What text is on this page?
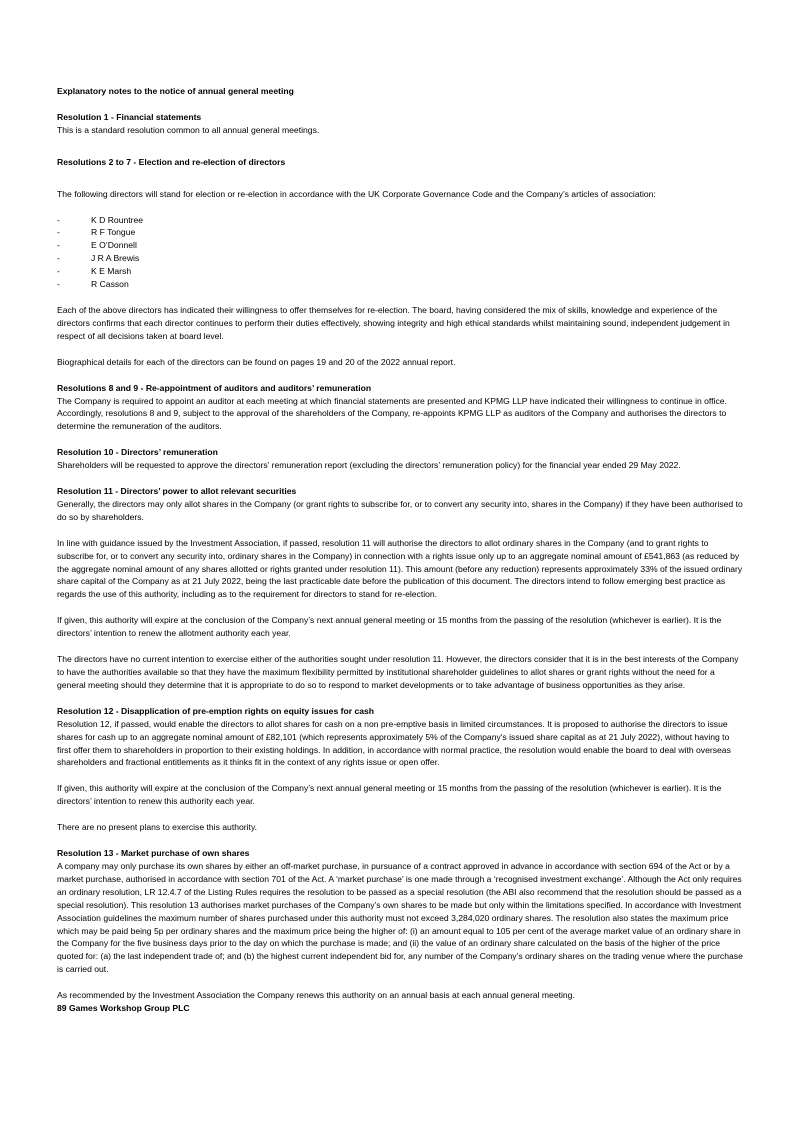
Explanatory notes to the notice of annual general meeting

Resolution 1 - Financial statements

This is a standard resolution common to all annual general meetings.

Resolutions 2 to 7 - Election and re-election of directors

The following directors will stand for election or re-election in accordance with the UK Corporate Governance Code and the Company’s articles of association:

-	K D Rountree
-	R F Tongue
-	E O’Donnell
-	J R A Brewis
-	K E Marsh
-	R Casson

Each of the above directors has indicated their willingness to offer themselves for re-election. The board, having considered the mix of skills, knowledge and experience of the directors confirms that each director continues to perform their duties effectively, showing integrity and high ethical standards whilst maintaining sound, independent judgement in respect of all decisions taken at board level.

Biographical details for each of the directors can be found on pages 19 and 20 of the 2022 annual report.

Resolutions 8 and 9 - Re-appointment of auditors and auditors’ remuneration

The Company is required to appoint an auditor at each meeting at which financial statements are presented and KPMG LLP have indicated their willingness to continue in office. Accordingly, resolutions 8 and 9, subject to the approval of the shareholders of the Company, re-appoints KPMG LLP as auditors of the Company and authorises the directors to determine the remuneration of the auditors.

Resolution 10 - Directors’ remuneration

Shareholders will be requested to approve the directors’ remuneration report (excluding the directors’ remuneration policy) for the financial year ended 29 May 2022.

Resolution 11 - Directors’ power to allot relevant securities

Generally, the directors may only allot shares in the Company (or grant rights to subscribe for, or to convert any security into, shares in the Company) if they have been authorised to do so by shareholders.

In line with guidance issued by the Investment Association, if passed, resolution 11 will authorise the directors to allot ordinary shares in the Company (and to grant rights to subscribe for, or to convert any security into, ordinary shares in the Company) in connection with a rights issue only up to an aggregate nominal amount of £541,863 (as reduced by the aggregate nominal amount of any shares allotted or rights granted under resolution 11). This amount (before any reduction) represents approximately 33% of the issued ordinary share capital of the Company as at 21 July 2022, being the last practicable date before the publication of this document. The directors intend to follow emerging best practice as regards the use of this authority, including as to the requirement for directors to stand for re-election.

If given, this authority will expire at the conclusion of the Company’s next annual general meeting or 15 months from the passing of the resolution (whichever is earlier). It is the directors’ intention to renew the allotment authority each year.

The directors have no current intention to exercise either of the authorities sought under resolution 11. However, the directors consider that it is in the best interests of the Company to have the authorities available so that they have the maximum flexibility permitted by institutional shareholder guidelines to allot shares or grant rights without the need for a general meeting should they determine that it is appropriate to do so to respond to market developments or to take advantage of business opportunities as they arise.

Resolution 12 - Disapplication of pre-emption rights on equity issues for cash

Resolution 12, if passed, would enable the directors to allot shares for cash on a non pre-emptive basis in limited circumstances. It is proposed to authorise the directors to issue shares for cash up to an aggregate nominal amount of £82,101 (which represents approximately 5% of the Company's issued share capital as at 21 July 2022), without having to first offer them to shareholders in proportion to their existing holdings. In addition, in accordance with normal practice, the resolution would enable the board to deal with overseas shareholders and fractional entitlements as it thinks fit in the context of any rights issue or open offer.

If given, this authority will expire at the conclusion of the Company’s next annual general meeting or 15 months from the passing of the resolution (whichever is earlier). It is the directors’ intention to renew this authority each year.

There are no present plans to exercise this authority.

Resolution 13 - Market purchase of own shares

A company may only purchase its own shares by either an off-market purchase, in pursuance of a contract approved in advance in accordance with section 694 of the Act or by a market purchase, authorised in accordance with section 701 of the Act. A ‘market purchase’ is one made through a ‘recognised investment exchange’. Although the Act only requires an ordinary resolution, LR 12.4.7 of the Listing Rules requires the resolution to be passed as a special resolution (the ABI also recommend that the resolution should be passed as a special resolution). This resolution 13 authorises market purchases of the Company’s own shares to be made but only within the limitations specified. In accordance with Investment Association guidelines the maximum number of shares purchased under this authority must not exceed 3,284,020 ordinary shares. The resolution also states the maximum price which may be paid being 5p per ordinary shares and the maximum price being the higher of: (i) an amount equal to 105 per cent of the average market value of an ordinary share in the Company for the five business days prior to the day on which the purchase is made; and (ii) the value of an ordinary share calculated on the basis of the higher of the price quoted for: (a) the last independent trade of; and (b) the highest current independent bid for, any number of the Company’s ordinary shares on the trading venue where the purchase is carried out.

As recommended by the Investment Association the Company renews this authority on an annual basis at each annual general meeting.

89 Games Workshop Group PLC
